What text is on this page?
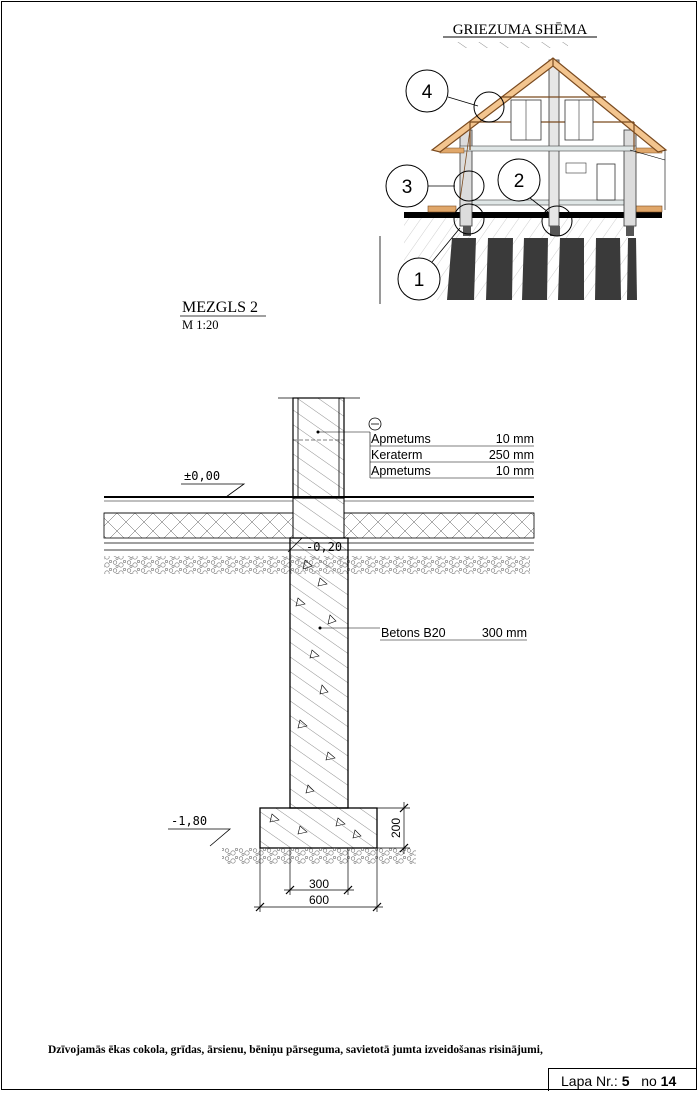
GRIEZUMA SHĒMA
4
3	2
1
MEZGLS 2
M 1:20
Apmetums	10 mm
Keraterm	250 mm
Apmetums	10 mm
Betons B20	300 mm
±0,00
-0,20
-1,80
300
600
200
Dzīvojamās ēkas cokola, grīdas, ārsienu, bēniņu pārseguma, savietotā jumta izveidošanas risinājumi,
Lapa Nr.: 5 no 14
